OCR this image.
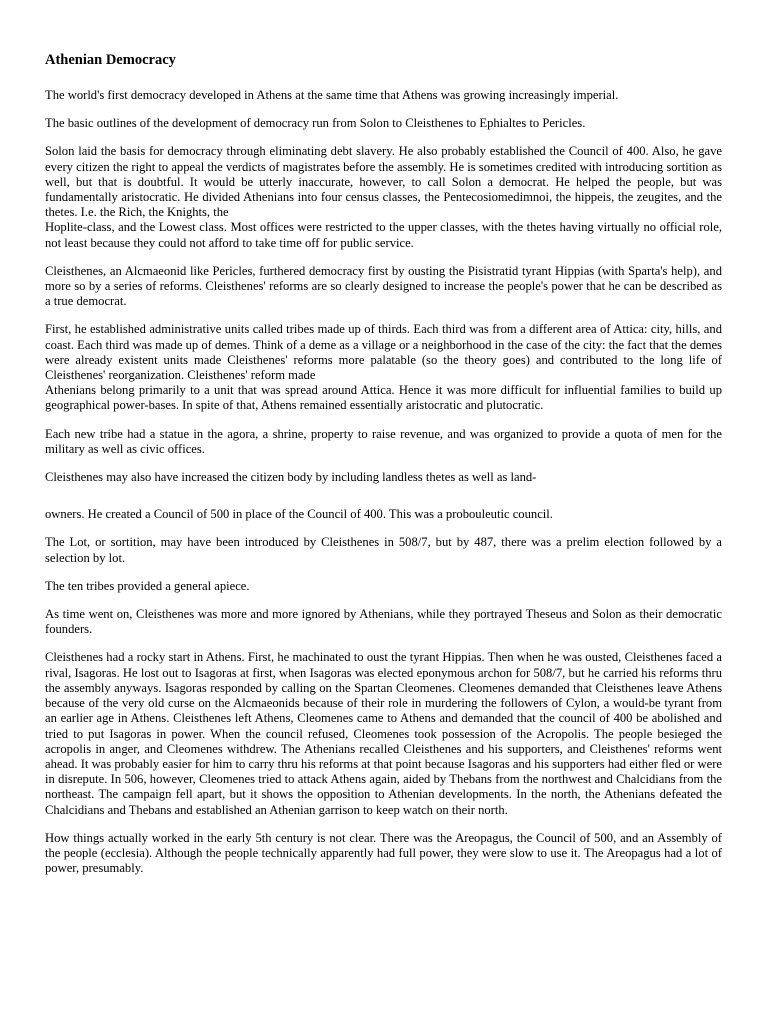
Athenian Democracy

The world's first democracy developed in Athens at the same time that Athens was growing increasingly imperial.

The basic outlines of the development of democracy run from Solon to Cleisthenes to Ephialtes to Pericles.

Solon laid the basis for democracy through eliminating debt slavery. He also probably established the Council of 400. Also, he gave every citizen the right to appeal the verdicts of magistrates before the assembly. He is sometimes credited with introducing sortition as well, but that is doubtful. It would be utterly inaccurate, however, to call Solon a democrat. He helped the people, but was fundamentally aristocratic. He divided Athenians into four census classes, the Pentecosiomedimnoi, the hippeis, the zeugites, and the thetes. I.e. the Rich, the Knights, the

Hoplite-class, and the Lowest class. Most offices were restricted to the upper classes, with the thetes having virtually no official role, not least because they could not afford to take time off for public service.

Cleisthenes, an Alcmaeonid like Pericles, furthered democracy first by ousting the Pisistratid tyrant Hippias (with Sparta's help), and more so by a series of reforms. Cleisthenes' reforms are so clearly designed to increase the people's power that he can be described as a true democrat.

First, he established administrative units called tribes made up of thirds. Each third was from a different area of Attica: city, hills, and coast. Each third was made up of demes. Think of a deme as a village or a neighborhood in the case of the city: the fact that the demes were already existent units made Cleisthenes' reforms more palatable (so the theory goes) and contributed to the long life of Cleisthenes' reorganization. Cleisthenes' reform made

Athenians belong primarily to a unit that was spread around Attica. Hence it was more difficult for influential families to build up geographical power-bases. In spite of that, Athens remained essentially aristocratic and plutocratic.

Each new tribe had a statue in the agora, a shrine, property to raise revenue, and was organized to provide a quota of men for the military as well as civic offices.

Cleisthenes may also have increased the citizen body by including landless thetes as well as land-

owners. He created a Council of 500 in place of the Council of 400. This was a probouleutic council.

The Lot, or sortition, may have been introduced by Cleisthenes in 508/7, but by 487, there was a prelim election followed by a selection by lot.

The ten tribes provided a general apiece.

As time went on, Cleisthenes was more and more ignored by Athenians, while they portrayed Theseus and Solon as their democratic founders.

Cleisthenes had a rocky start in Athens. First, he machinated to oust the tyrant Hippias. Then when he was ousted, Cleisthenes faced a rival, Isagoras. He lost out to Isagoras at first, when Isagoras was elected eponymous archon for 508/7, but he carried his reforms thru the assembly anyways. Isagoras responded by calling on the Spartan Cleomenes. Cleomenes demanded that Cleisthenes leave Athens because of the very old curse on the Alcmaeonids because of their role in murdering the followers of Cylon, a would-be tyrant from an earlier age in Athens. Cleisthenes left Athens, Cleomenes came to Athens and demanded that the council of 400 be abolished and tried to put Isagoras in power. When the council refused, Cleomenes took possession of the Acropolis. The people besieged the acropolis in anger, and Cleomenes withdrew. The Athenians recalled Cleisthenes and his supporters, and Cleisthenes' reforms went ahead. It was probably easier for him to carry thru his reforms at that point because Isagoras and his supporters had either fled or were in disrepute. In 506, however, Cleomenes tried to attack Athens again, aided by Thebans from the northwest and Chalcidians from the northeast. The campaign fell apart, but it shows the opposition to Athenian developments. In the north, the Athenians defeated the Chalcidians and Thebans and established an Athenian garrison to keep watch on their north.

How things actually worked in the early 5th century is not clear. There was the Areopagus, the Council of 500, and an Assembly of the people (ecclesia). Although the people technically apparently had full power, they were slow to use it. The Areopagus had a lot of power, presumably.
